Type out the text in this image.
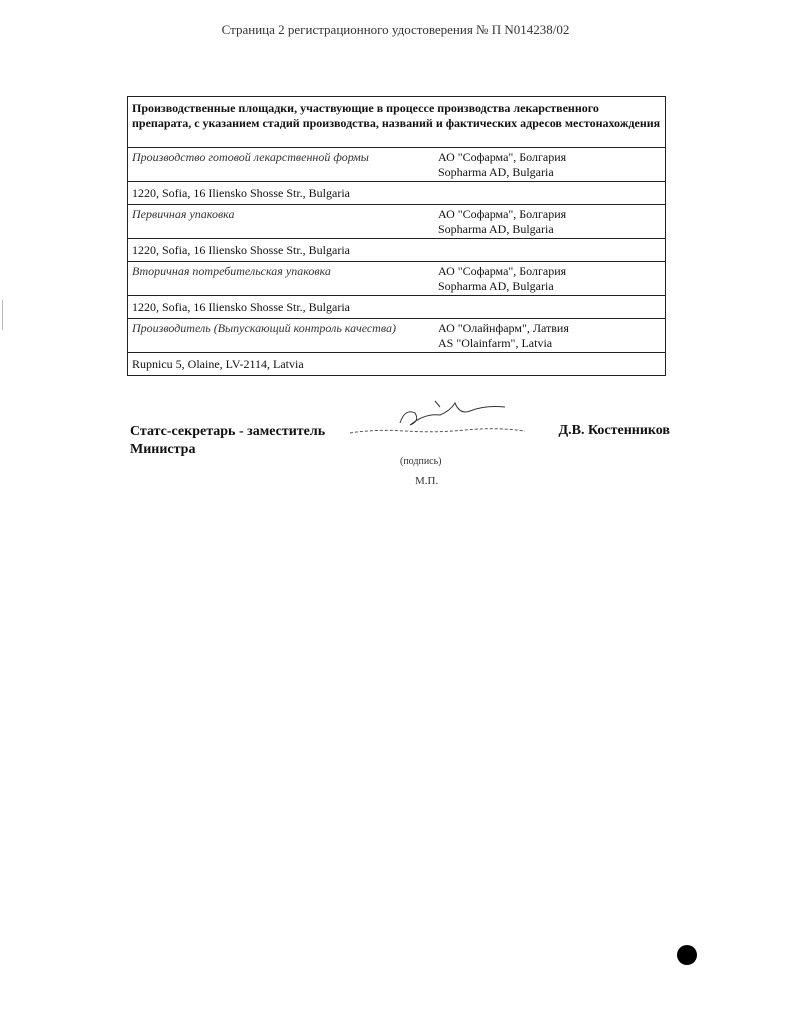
Страница 2 регистрационного удостоверения № П N014238/02
Производственные площадки, участвующие в процессе производства лекарственного препарата, с указанием стадий производства, названий и фактических адресов местонахождения
Производство готовой лекарственной формы	АО "Софарма", Болгария
Sopharma AD, Bulgaria
1220, Sofia, 16 Iliensko Shosse Str., Bulgaria
Первичная упаковка	АО "Софарма", Болгария
Sopharma AD, Bulgaria
1220, Sofia, 16 Iliensko Shosse Str., Bulgaria
Вторичная потребительская упаковка	АО "Софарма", Болгария
Sopharma AD, Bulgaria
1220, Sofia, 16 Iliensko Shosse Str., Bulgaria
Производитель (Выпускающий контроль качества)	АО "Олайнфарм", Латвия
AS "Olainfarm", Latvia
Rupnicu 5, Olaine, LV-2114, Latvia
Статс-секретарь - заместитель Министра
Д.В. Костенников
(подпись)
М.П.
